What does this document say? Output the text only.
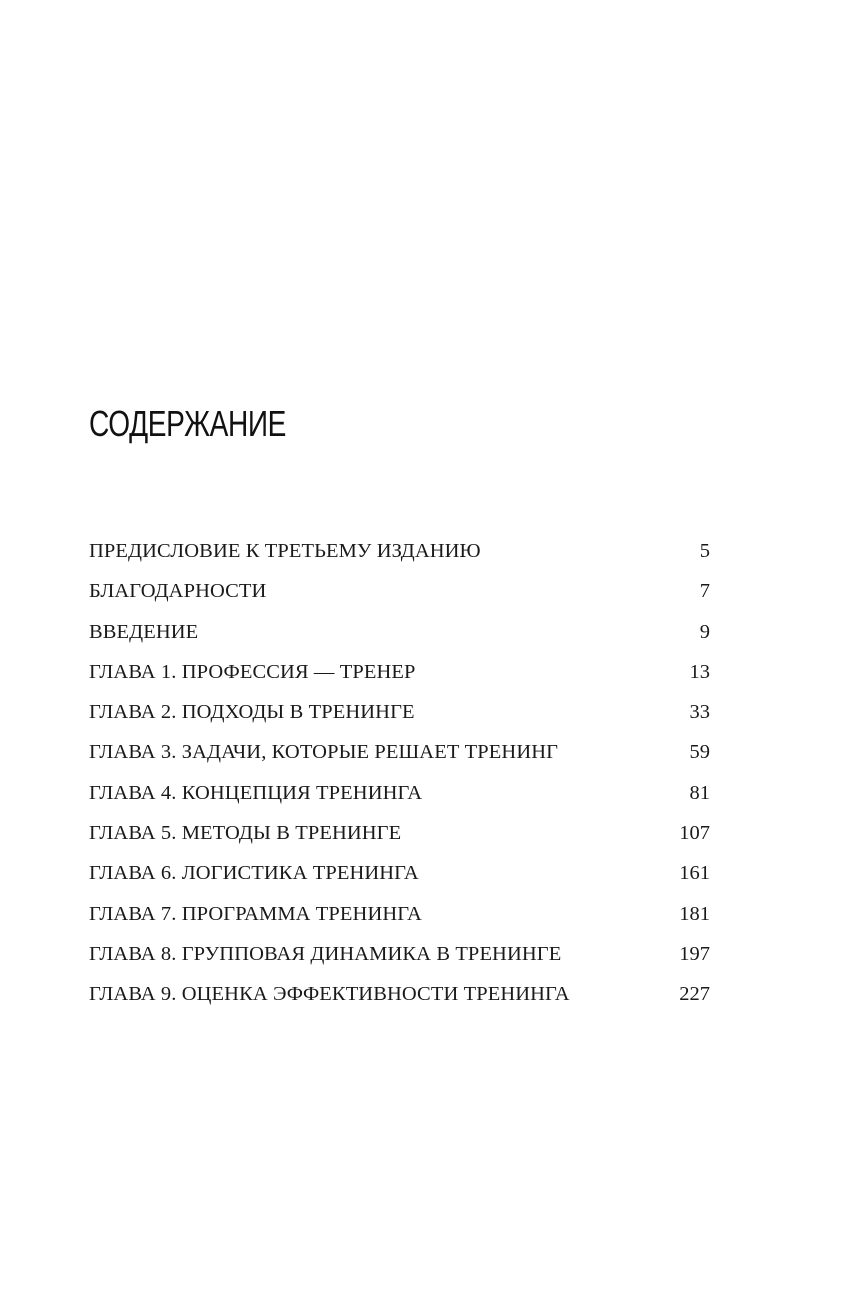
СОДЕРЖАНИЕ
ПРЕДИСЛОВИЕ К ТРЕТЬЕМУ ИЗДАНИЮ	5
БЛАГОДАРНОСТИ	7
ВВЕДЕНИЕ	9
ГЛАВА 1. ПРОФЕССИЯ — ТРЕНЕР	13
ГЛАВА 2. ПОДХОДЫ В ТРЕНИНГЕ	33
ГЛАВА 3. ЗАДАЧИ, КОТОРЫЕ РЕШАЕТ ТРЕНИНГ	59
ГЛАВА 4. КОНЦЕПЦИЯ ТРЕНИНГА	81
ГЛАВА 5. МЕТОДЫ В ТРЕНИНГЕ	107
ГЛАВА 6. ЛОГИСТИКА ТРЕНИНГА	161
ГЛАВА 7. ПРОГРАММА ТРЕНИНГА	181
ГЛАВА 8. ГРУППОВАЯ ДИНАМИКА В ТРЕНИНГЕ	197
ГЛАВА 9. ОЦЕНКА ЭФФЕКТИВНОСТИ ТРЕНИНГА	227
